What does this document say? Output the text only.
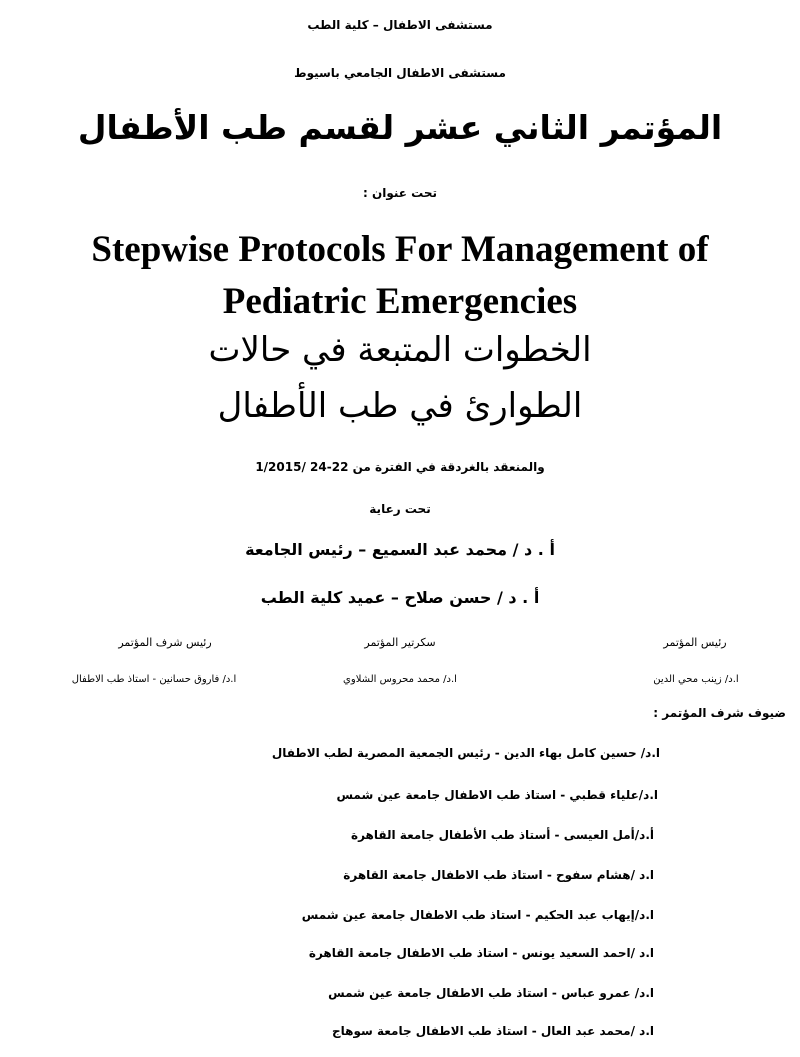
مستشفى الاطفال – كلية الطب
مستشفى الاطفال الجامعي باسيوط
المؤتمر الثاني عشر لقسم طب الأطفال
تحت عنوان :
Stepwise Protocols For Management of
Pediatric Emergencies
الخطوات المتبعة في حالات
الطوارئ في طب الأطفال
والمنعقد بالغردقة في الفترة من 22-24 /1/2015
تحت رعاية
أ . د / محمد عبد السميع – رئيس الجامعة
أ . د / حسن صلاح – عميد كلية الطب
رئيس المؤتمر
سكرتير المؤتمر
رئيس شرف المؤتمر
ا.د/ زينب محي الدين
ا.د/ محمد محروس الشلاوي
ا.د/ فاروق حسانين - استاذ طب الاطفال
ضيوف شرف المؤتمر :
ا.د/ حسين كامل بهاء الدين - رئيس الجمعية المصرية لطب الاطفال
ا.د/علياء قطبي - استاذ طب الاطفال جامعة عين شمس
أ.د/أمل العيسى - أستاذ طب الأطفال جامعة القاهرة
ا.د /هشام سفوح - استاذ طب الاطفال جامعة القاهرة
ا.د/إيهاب عبد الحكيم - استاذ طب الاطفال جامعة عين شمس
ا.د /احمد السعيد يونس - استاذ طب الاطفال جامعة القاهرة
ا.د/ عمرو عباس - استاذ طب الاطفال جامعة عين شمس
ا.د /محمد عبد العال - استاذ طب الاطفال جامعة سوهاج
